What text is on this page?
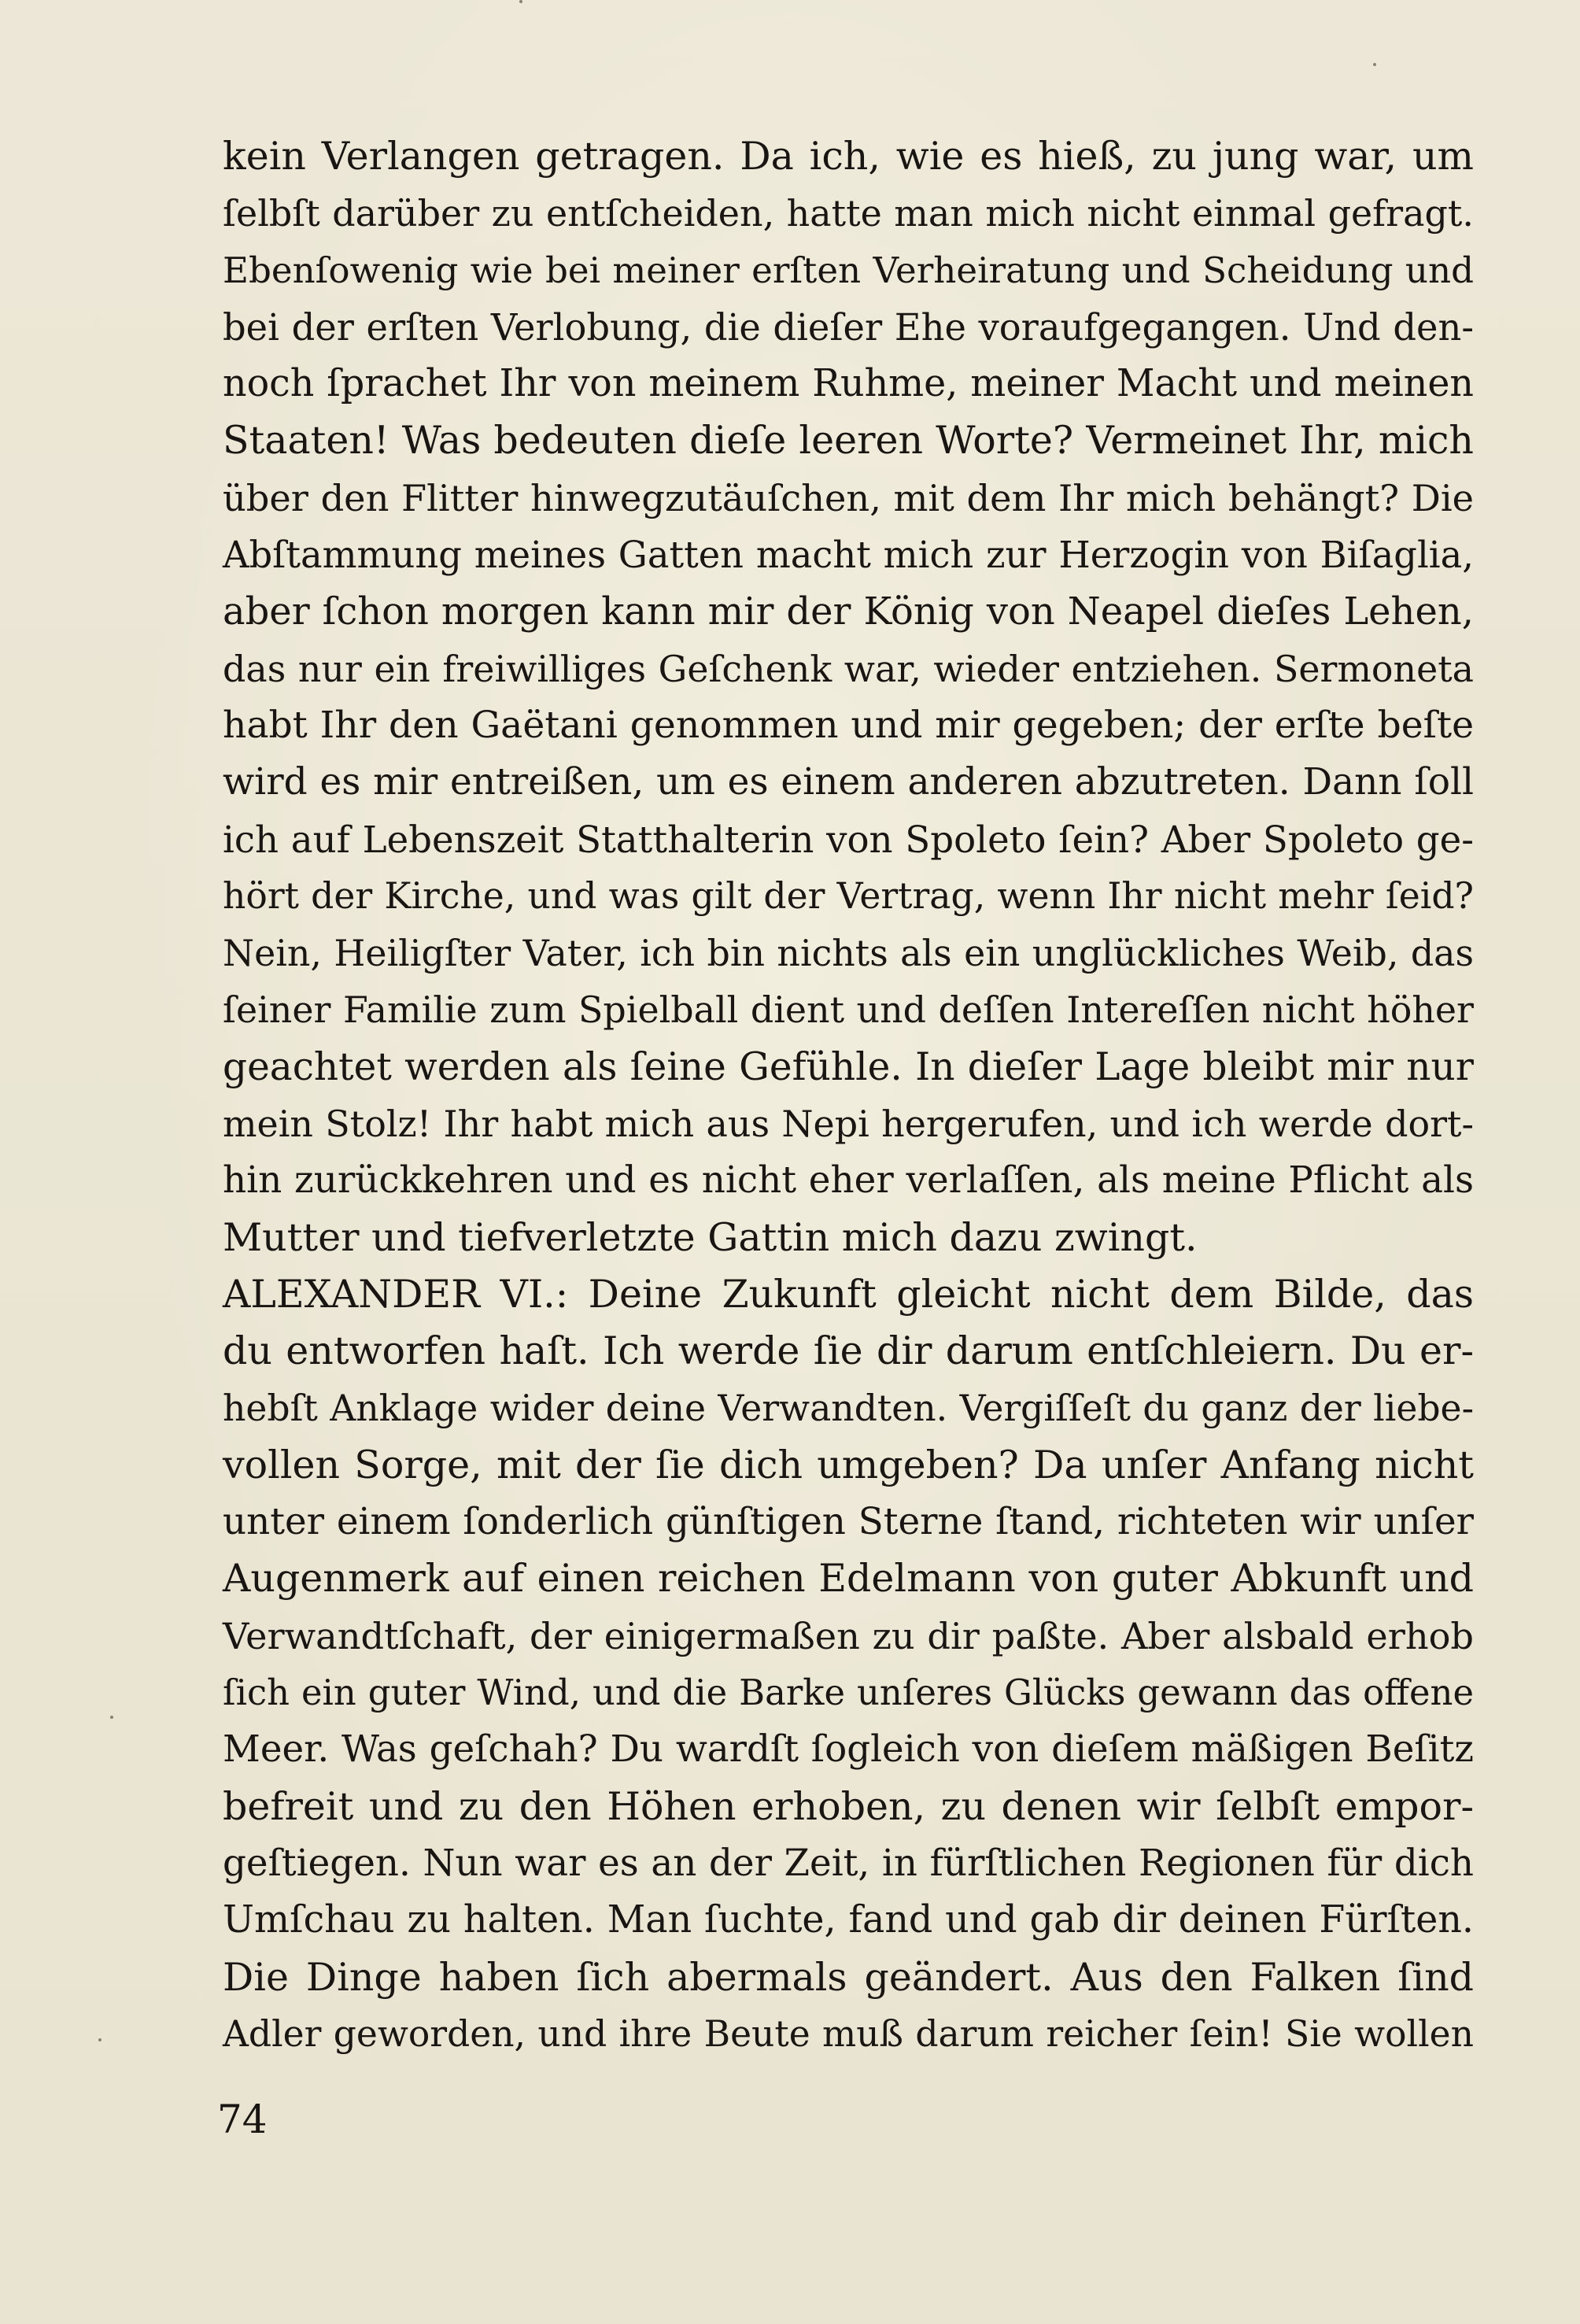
kein Verlangen getragen. Da ich, wie es hieß, zu jung war, um
ſelbſt darüber zu entſcheiden, hatte man mich nicht einmal gefragt.
Ebenſowenig wie bei meiner erſten Verheiratung und Scheidung und
bei der erſten Verlobung, die dieſer Ehe voraufgegangen. Und den-
noch ſprachet Ihr von meinem Ruhme, meiner Macht und meinen
Staaten! Was bedeuten dieſe leeren Worte? Vermeinet Ihr, mich
über den Flitter hinwegzutäuſchen, mit dem Ihr mich behängt? Die
Abſtammung meines Gatten macht mich zur Herzogin von Biſaglia,
aber ſchon morgen kann mir der König von Neapel dieſes Lehen,
das nur ein freiwilliges Geſchenk war, wieder entziehen. Sermoneta
habt Ihr den Gaëtani genommen und mir gegeben; der erſte beſte
wird es mir entreißen, um es einem anderen abzutreten. Dann ſoll
ich auf Lebenszeit Statthalterin von Spoleto ſein? Aber Spoleto ge-
hört der Kirche, und was gilt der Vertrag, wenn Ihr nicht mehr ſeid?
Nein, Heiligſter Vater, ich bin nichts als ein unglückliches Weib, das
ſeiner Familie zum Spielball dient und deſſen Intereſſen nicht höher
geachtet werden als ſeine Gefühle. In dieſer Lage bleibt mir nur
mein Stolz! Ihr habt mich aus Nepi hergerufen, und ich werde dort-
hin zurückkehren und es nicht eher verlaſſen, als meine Pflicht als
Mutter und tiefverletzte Gattin mich dazu zwingt.
ALEXANDER VI.: Deine Zukunft gleicht nicht dem Bilde, das
du entworfen haſt. Ich werde ſie dir darum entſchleiern. Du er-
hebſt Anklage wider deine Verwandten. Vergiſſeſt du ganz der liebe-
vollen Sorge, mit der ſie dich umgeben? Da unſer Anfang nicht
unter einem ſonderlich günſtigen Sterne ſtand, richteten wir unſer
Augenmerk auf einen reichen Edelmann von guter Abkunft und
Verwandtſchaft, der einigermaßen zu dir paßte. Aber alsbald erhob
ſich ein guter Wind, und die Barke unſeres Glücks gewann das offene
Meer. Was geſchah? Du wardſt ſogleich von dieſem mäßigen Beſitz
befreit und zu den Höhen erhoben, zu denen wir ſelbſt empor-
geſtiegen. Nun war es an der Zeit, in fürſtlichen Regionen für dich
Umſchau zu halten. Man ſuchte, fand und gab dir deinen Fürſten.
Die Dinge haben ſich abermals geändert. Aus den Falken ſind
Adler geworden, und ihre Beute muß darum reicher ſein! Sie wollen
74
